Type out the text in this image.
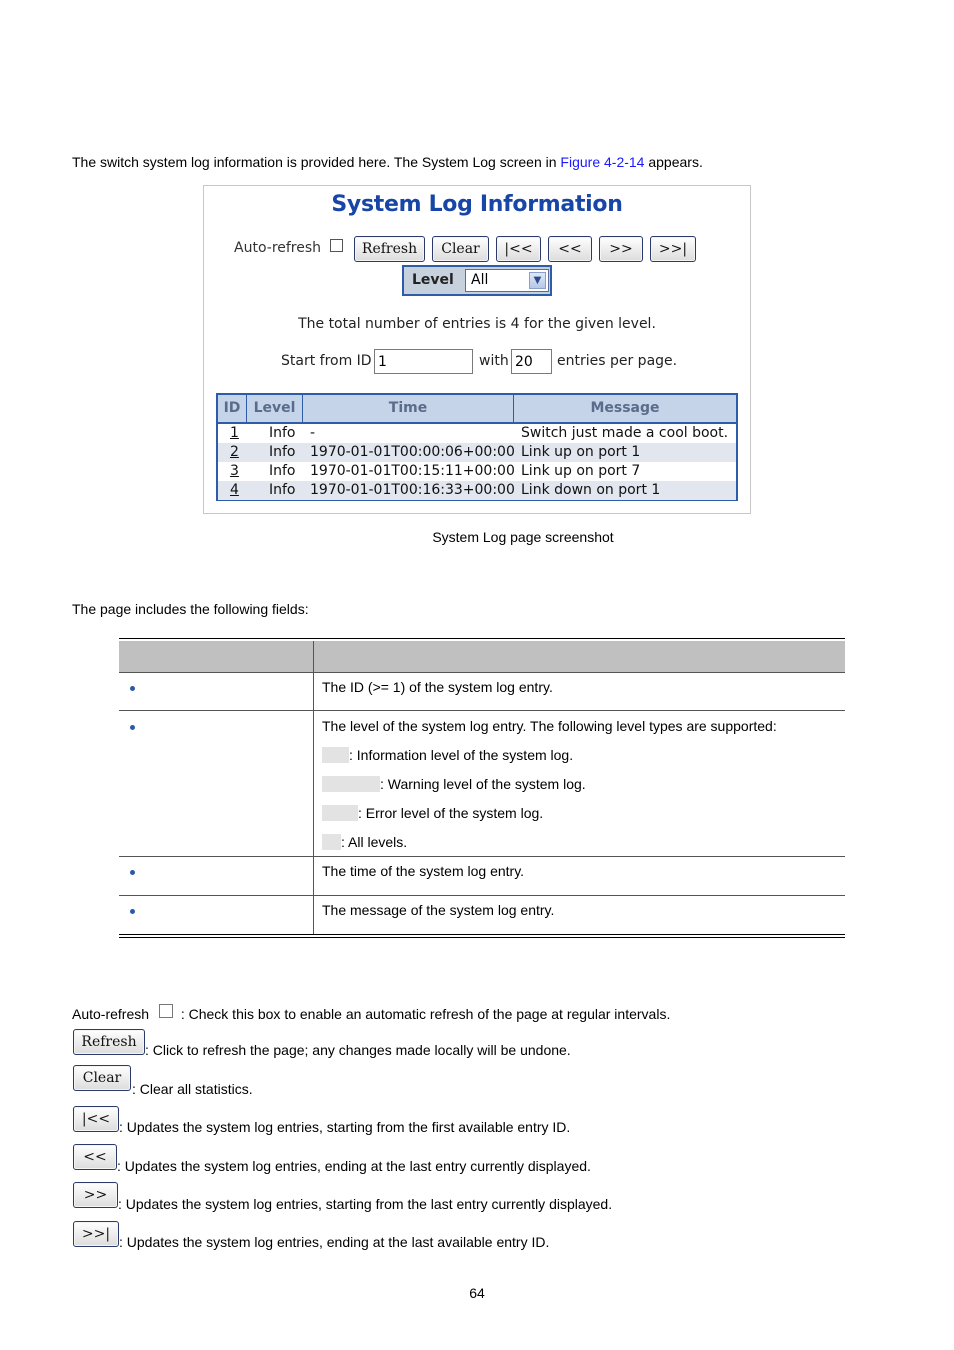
The switch system log information is provided here. The System Log screen in Figure 4-2-14 appears.
System Log Information
Auto-refresh	Refresh	Clear	|<<	<<	>>	>>|
Level All	▼
The total number of entries is 4 for the given level.
Start from ID
1	with
20	entries per page.
ID Level	Time	Message
1 Info -	Switch just made a cool boot.
2 Info 1970-01-01T00:00:06+00:00 Link up on port 1
3 Info 1970-01-01T00:15:11+00:00 Link up on port 7
4 Info 1970-01-01T00:16:33+00:00 Link down on port 1
System Log page screenshot
The page includes the following fields:
The ID (>= 1) of the system log entry.
The level of the system log entry. The following level types are supported:
: Information level of the system log.
: Warning level of the system log.
: Error level of the system log.
: All levels.
The time of the system log entry.
The message of the system log entry.
Auto-refresh  : Check this box to enable an automatic refresh of the page at regular intervals.
Refresh : Click to refresh the page; any changes made locally will be undone.
Clear
: Clear all statistics.
|<< : Updates the system log entries, starting from the first available entry ID.
<<
: Updates the system log entries, ending at the last entry currently displayed.
>>
: Updates the system log entries, starting from the last entry currently displayed.
>>| : Updates the system log entries, ending at the last available entry ID.
64
